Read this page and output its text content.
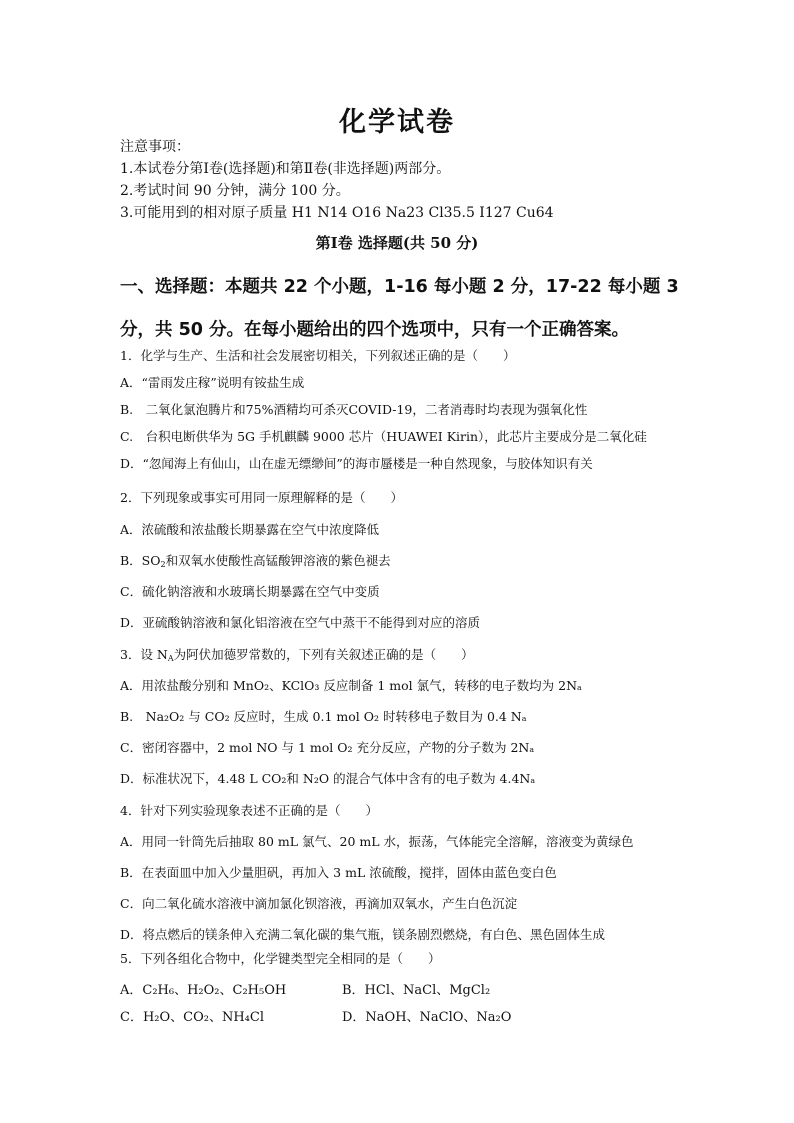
化学试卷
注意事项：
1.本试卷分第Ⅰ卷(选择题)和第Ⅱ卷(非选择题)两部分。
2.考试时间 90 分钟，满分 100 分。
3.可能用到的相对原子质量 H1 N14 O16 Na23 Cl35.5 I127 Cu64
第Ⅰ卷 选择题(共 50 分)
一、选择题：本题共 22 个小题，1-16 每小题 2 分，17-22 每小题 3
分，共 50 分。在每小题给出的四个选项中，只有一个正确答案。
1．化学与生产、生活和社会发展密切相关，下列叙述正确的是（　　）
A．“雷雨发庄稼”说明有铵盐生成
B.　二氧化氯泡腾片和75%酒精均可杀灭COVID-19，二者消毒时均表现为强氧化性
C.　台积电断供华为 5G 手机麒麟 9000 芯片（HUAWEI Kirin），此芯片主要成分是二氧化硅
D．“忽闻海上有仙山，山在虚无缥缈间”的海市蜃楼是一种自然现象，与胶体知识有关
2．下列现象或事实可用同一原理解释的是（　　）
A．浓硫酸和浓盐酸长期暴露在空气中浓度降低
B．$SO_2$和双氧水使酸性高锰酸钾溶液的紫色褪去
C．硫化钠溶液和水玻璃长期暴露在空气中变质
D．亚硫酸钠溶液和氯化铝溶液在空气中蒸干不能得到对应的溶质
3．设 $N_A$为阿伏加德罗常数的，下列有关叙述正确的是（　　）
A．用浓盐酸分别和 MnO₂、KClO₃ 反应制备 1 mol 氯气，转移的电子数均为 2Nₐ
B.　Na₂O₂ 与 CO₂ 反应时，生成 0.1 mol O₂ 时转移电子数目为 0.4 Nₐ
C．密闭容器中，2 mol NO 与 1 mol O₂ 充分反应，产物的分子数为 2Nₐ
D．标准状况下，4.48 L CO₂和 N₂O 的混合气体中含有的电子数为 4.4Nₐ
4．针对下列实验现象表述不正确的是（　　）
A．用同一针筒先后抽取 80 mL 氯气、20 mL 水，振荡，气体能完全溶解，溶液变为黄绿色
B．在表面皿中加入少量胆矾，再加入 3 mL 浓硫酸，搅拌，固体由蓝色变白色
C．向二氧化硫水溶液中滴加氯化钡溶液，再滴加双氧水，产生白色沉淀
D．将点燃后的镁条伸入充满二氧化碳的集气瓶，镁条剧烈燃烧，有白色、黑色固体生成
5．下列各组化合物中，化学键类型完全相同的是（　　）
A．C₂H₆、H₂O₂、C₂H₅OH	B．HCl、NaCl、MgCl₂
C．H₂O、CO₂、NH₄Cl	D．NaOH、NaClO、Na₂O
